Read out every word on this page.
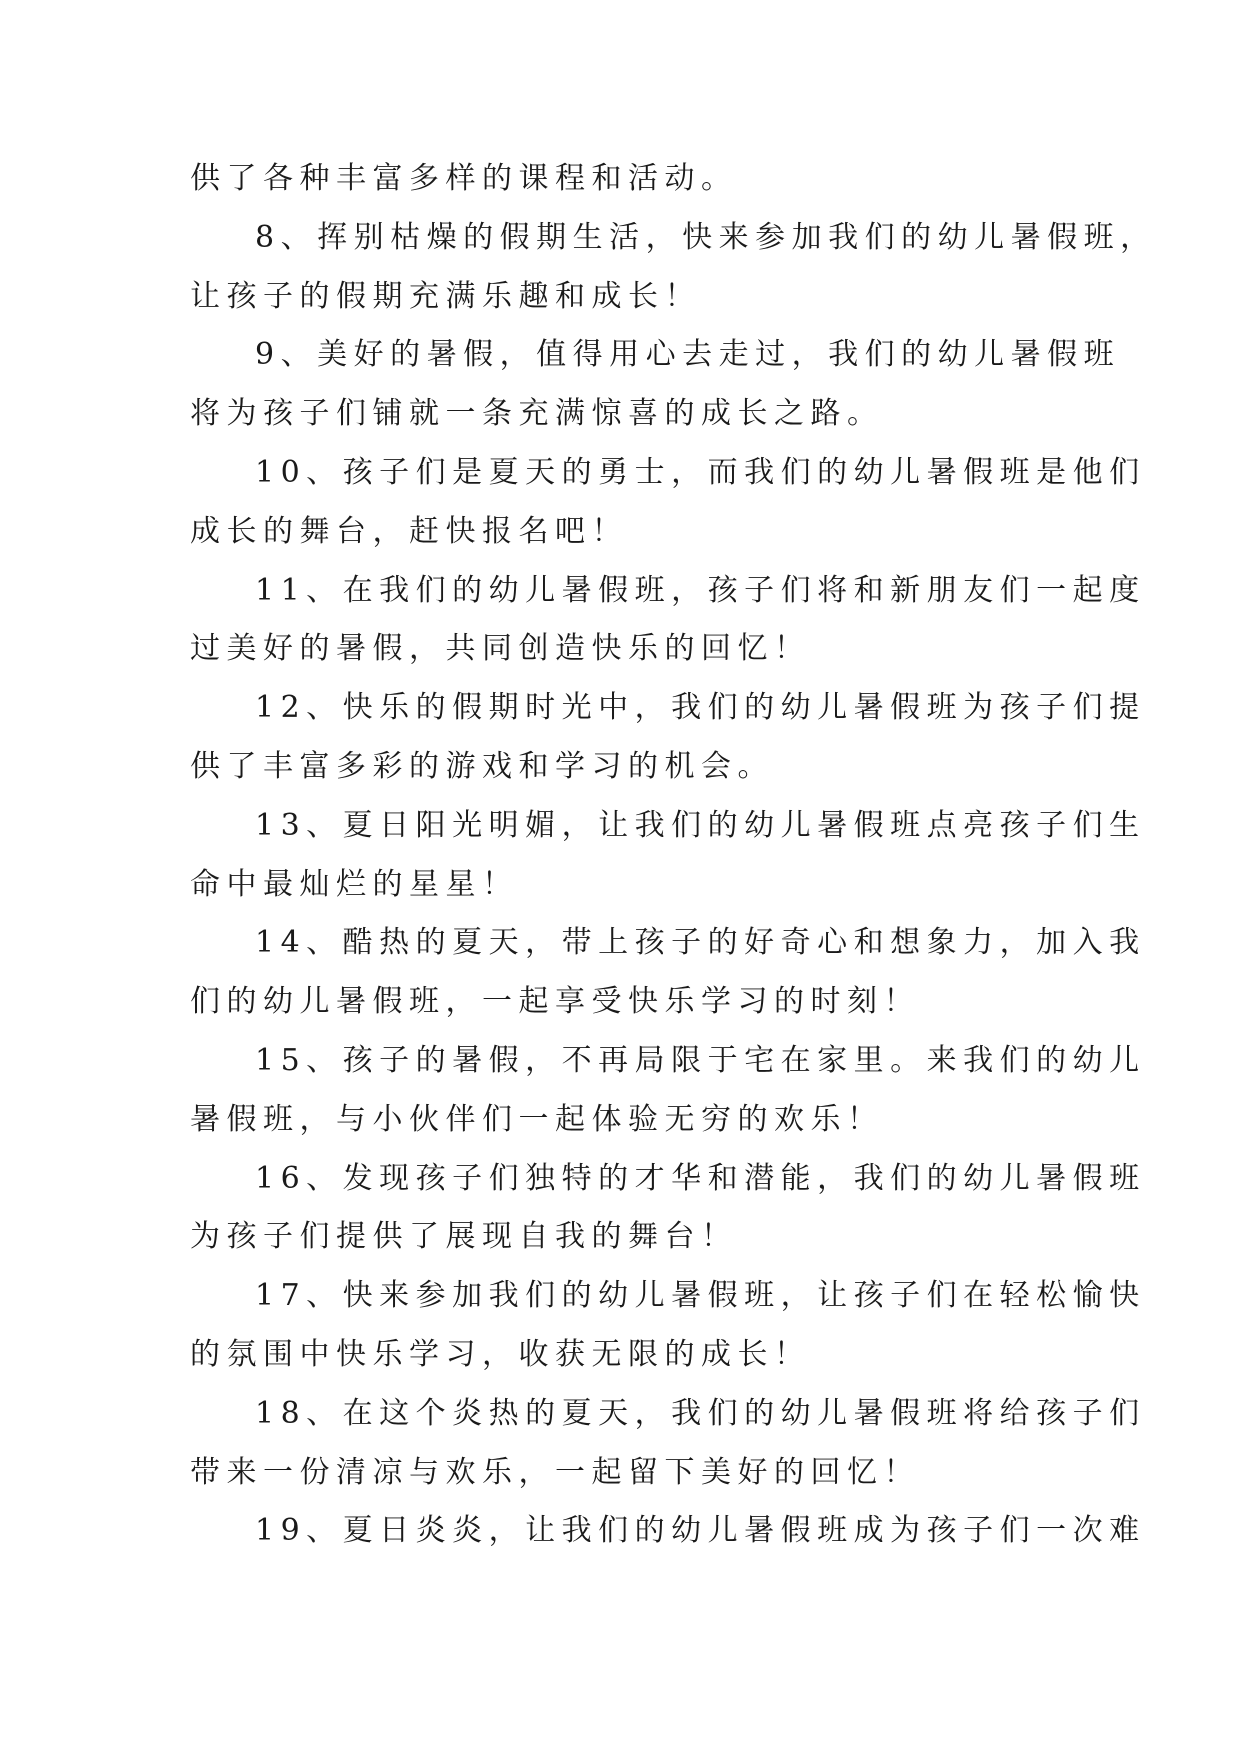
供了各种丰富多样的课程和活动。
8、挥别枯燥的假期生活，快来参加我们的幼儿暑假班，
让孩子的假期充满乐趣和成长！
9、美好的暑假，值得用心去走过，我们的幼儿暑假班
将为孩子们铺就一条充满惊喜的成长之路。
10、孩子们是夏天的勇士，而我们的幼儿暑假班是他们
成长的舞台，赶快报名吧！
11、在我们的幼儿暑假班，孩子们将和新朋友们一起度
过美好的暑假，共同创造快乐的回忆！
12、快乐的假期时光中，我们的幼儿暑假班为孩子们提
供了丰富多彩的游戏和学习的机会。
13、夏日阳光明媚，让我们的幼儿暑假班点亮孩子们生
命中最灿烂的星星！
14、酷热的夏天，带上孩子的好奇心和想象力，加入我
们的幼儿暑假班，一起享受快乐学习的时刻！
15、孩子的暑假，不再局限于宅在家里。来我们的幼儿
暑假班，与小伙伴们一起体验无穷的欢乐！
16、发现孩子们独特的才华和潜能，我们的幼儿暑假班
为孩子们提供了展现自我的舞台！
17、快来参加我们的幼儿暑假班，让孩子们在轻松愉快
的氛围中快乐学习，收获无限的成长！
18、在这个炎热的夏天，我们的幼儿暑假班将给孩子们
带来一份清凉与欢乐，一起留下美好的回忆！
19、夏日炎炎，让我们的幼儿暑假班成为孩子们一次难
